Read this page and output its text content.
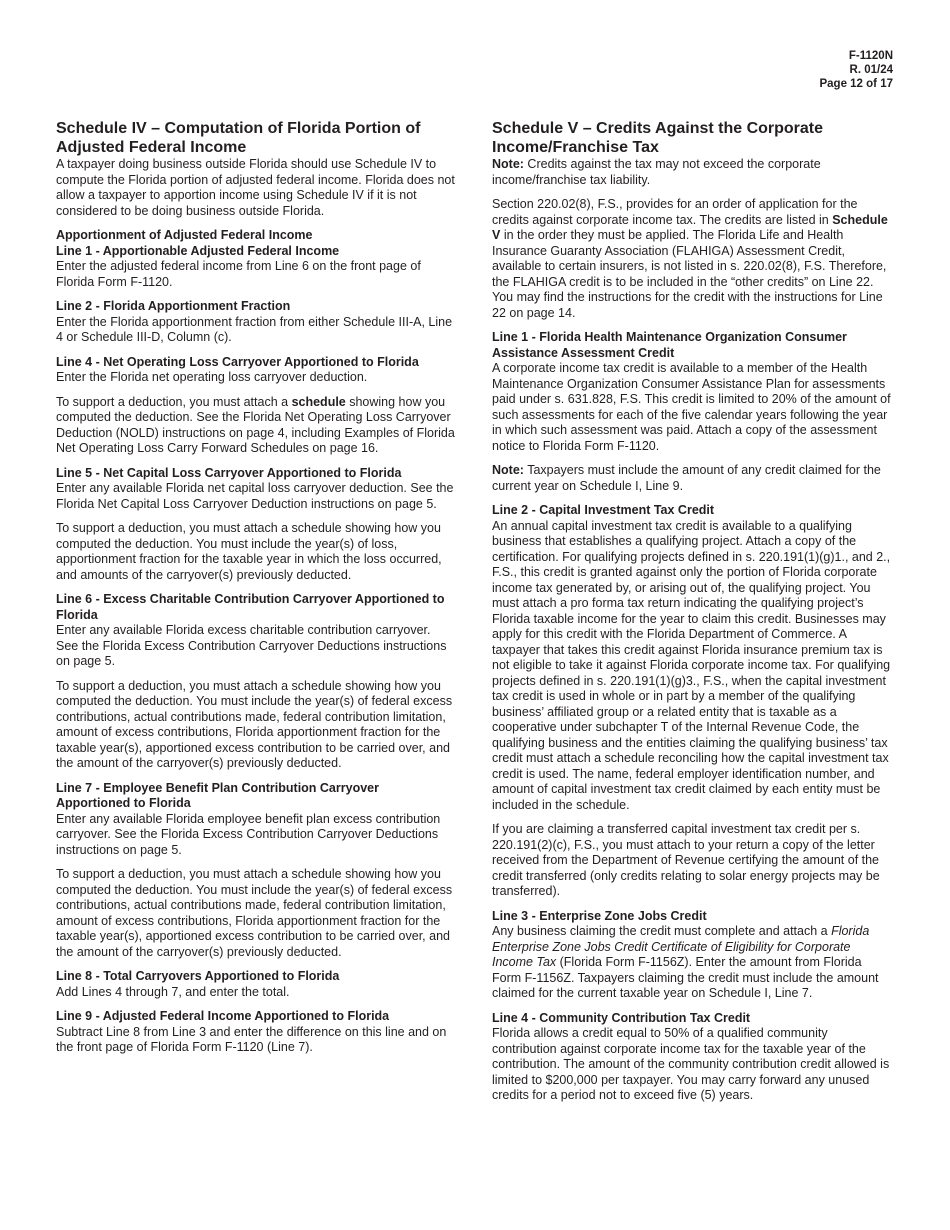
F-1120N
R. 01/24
Page 12 of 17
Schedule IV – Computation of Florida Portion of Adjusted Federal Income

A taxpayer doing business outside Florida should use Schedule IV to compute the Florida portion of adjusted federal income. Florida does not allow a taxpayer to apportion income using Schedule IV if it is not considered to be doing business outside Florida.

Apportionment of Adjusted Federal Income
Line 1 - Apportionable Adjusted Federal Income

Enter the adjusted federal income from Line 6 on the front page of Florida Form F-1120.

Line 2 - Florida Apportionment Fraction

Enter the Florida apportionment fraction from either Schedule III-A, Line 4 or Schedule III-D, Column (c).

Line 4 - Net Operating Loss Carryover Apportioned to Florida

Enter the Florida net operating loss carryover deduction.

To support a deduction, you must attach a schedule showing how you computed the deduction. See the Florida Net Operating Loss Carryover Deduction (NOLD) instructions on page 4, including Examples of Florida Net Operating Loss Carry Forward Schedules on page 16.

Line 5 - Net Capital Loss Carryover Apportioned to Florida

Enter any available Florida net capital loss carryover deduction. See the Florida Net Capital Loss Carryover Deduction instructions on page 5.

To support a deduction, you must attach a schedule showing how you computed the deduction. You must include the year(s) of loss, apportionment fraction for the taxable year in which the loss occurred, and amounts of the carryover(s) previously deducted.

Line 6 - Excess Charitable Contribution Carryover Apportioned to Florida

Enter any available Florida excess charitable contribution carryover. See the Florida Excess Contribution Carryover Deductions instructions on page 5.

To support a deduction, you must attach a schedule showing how you computed the deduction. You must include the year(s) of federal excess contributions, actual contributions made, federal contribution limitation, amount of excess contributions, Florida apportionment fraction for the taxable year(s), apportioned excess contribution to be carried over, and the amount of the carryover(s) previously deducted.

Line 7 - Employee Benefit Plan Contribution Carryover Apportioned to Florida

Enter any available Florida employee benefit plan excess contribution carryover. See the Florida Excess Contribution Carryover Deductions instructions on page 5.

To support a deduction, you must attach a schedule showing how you computed the deduction. You must include the year(s) of federal excess contributions, actual contributions made, federal contribution limitation, amount of excess contributions, Florida apportionment fraction for the taxable year(s), apportioned excess contribution to be carried over, and the amount of the carryover(s) previously deducted.

Line 8 - Total Carryovers Apportioned to Florida

Add Lines 4 through 7, and enter the total.

Line 9 - Adjusted Federal Income Apportioned to Florida

Subtract Line 8 from Line 3 and enter the difference on this line and on the front page of Florida Form F-1120 (Line 7).

Schedule V – Credits Against the Corporate Income/Franchise Tax

Note: Credits against the tax may not exceed the corporate income/franchise tax liability.

Section 220.02(8), F.S., provides for an order of application for the credits against corporate income tax. The credits are listed in Schedule V in the order they must be applied. The Florida Life and Health Insurance Guaranty Association (FLAHIGA) Assessment Credit, available to certain insurers, is not listed in s. 220.02(8), F.S. Therefore, the FLAHIGA credit is to be included in the “other credits” on Line 22. You may find the instructions for the credit with the instructions for Line 22 on page 14.

Line 1 - Florida Health Maintenance Organization Consumer Assistance Assessment Credit

A corporate income tax credit is available to a member of the Health Maintenance Organization Consumer Assistance Plan for assessments paid under s. 631.828, F.S. This credit is limited to 20% of the amount of such assessments for each of the five calendar years following the year in which such assessment was paid. Attach a copy of the assessment notice to Florida Form F-1120.

Note: Taxpayers must include the amount of any credit claimed for the current year on Schedule I, Line 9.

Line 2 - Capital Investment Tax Credit

An annual capital investment tax credit is available to a qualifying business that establishes a qualifying project. Attach a copy of the certification. For qualifying projects defined in s. 220.191(1)(g)1., and 2., F.S., this credit is granted against only the portion of Florida corporate income tax generated by, or arising out of, the qualifying project. You must attach a pro forma tax return indicating the qualifying project’s Florida taxable income for the year to claim this credit. Businesses may apply for this credit with the Florida Department of Commerce. A taxpayer that takes this credit against Florida insurance premium tax is not eligible to take it against Florida corporate income tax. For qualifying projects defined in s. 220.191(1)(g)3., F.S., when the capital investment tax credit is used in whole or in part by a member of the qualifying business’ affiliated group or a related entity that is taxable as a cooperative under subchapter T of the Internal Revenue Code, the qualifying business and the entities claiming the qualifying business’ tax credit must attach a schedule reconciling how the capital investment tax credit is used. The name, federal employer identification number, and amount of capital investment tax credit claimed by each entity must be included in the schedule.

If you are claiming a transferred capital investment tax credit per s. 220.191(2)(c), F.S., you must attach to your return a copy of the letter received from the Department of Revenue certifying the amount of the credit transferred (only credits relating to solar energy projects may be transferred).

Line 3 - Enterprise Zone Jobs Credit

Any business claiming the credit must complete and attach a Florida Enterprise Zone Jobs Credit Certificate of Eligibility for Corporate Income Tax (Florida Form F-1156Z). Enter the amount from Florida Form F-1156Z. Taxpayers claiming the credit must include the amount claimed for the current taxable year on Schedule I, Line 7.

Line 4 - Community Contribution Tax Credit

Florida allows a credit equal to 50% of a qualified community contribution against corporate income tax for the taxable year of the contribution. The amount of the community contribution credit allowed is limited to $200,000 per taxpayer. You may carry forward any unused credits for a period not to exceed five (5) years.
